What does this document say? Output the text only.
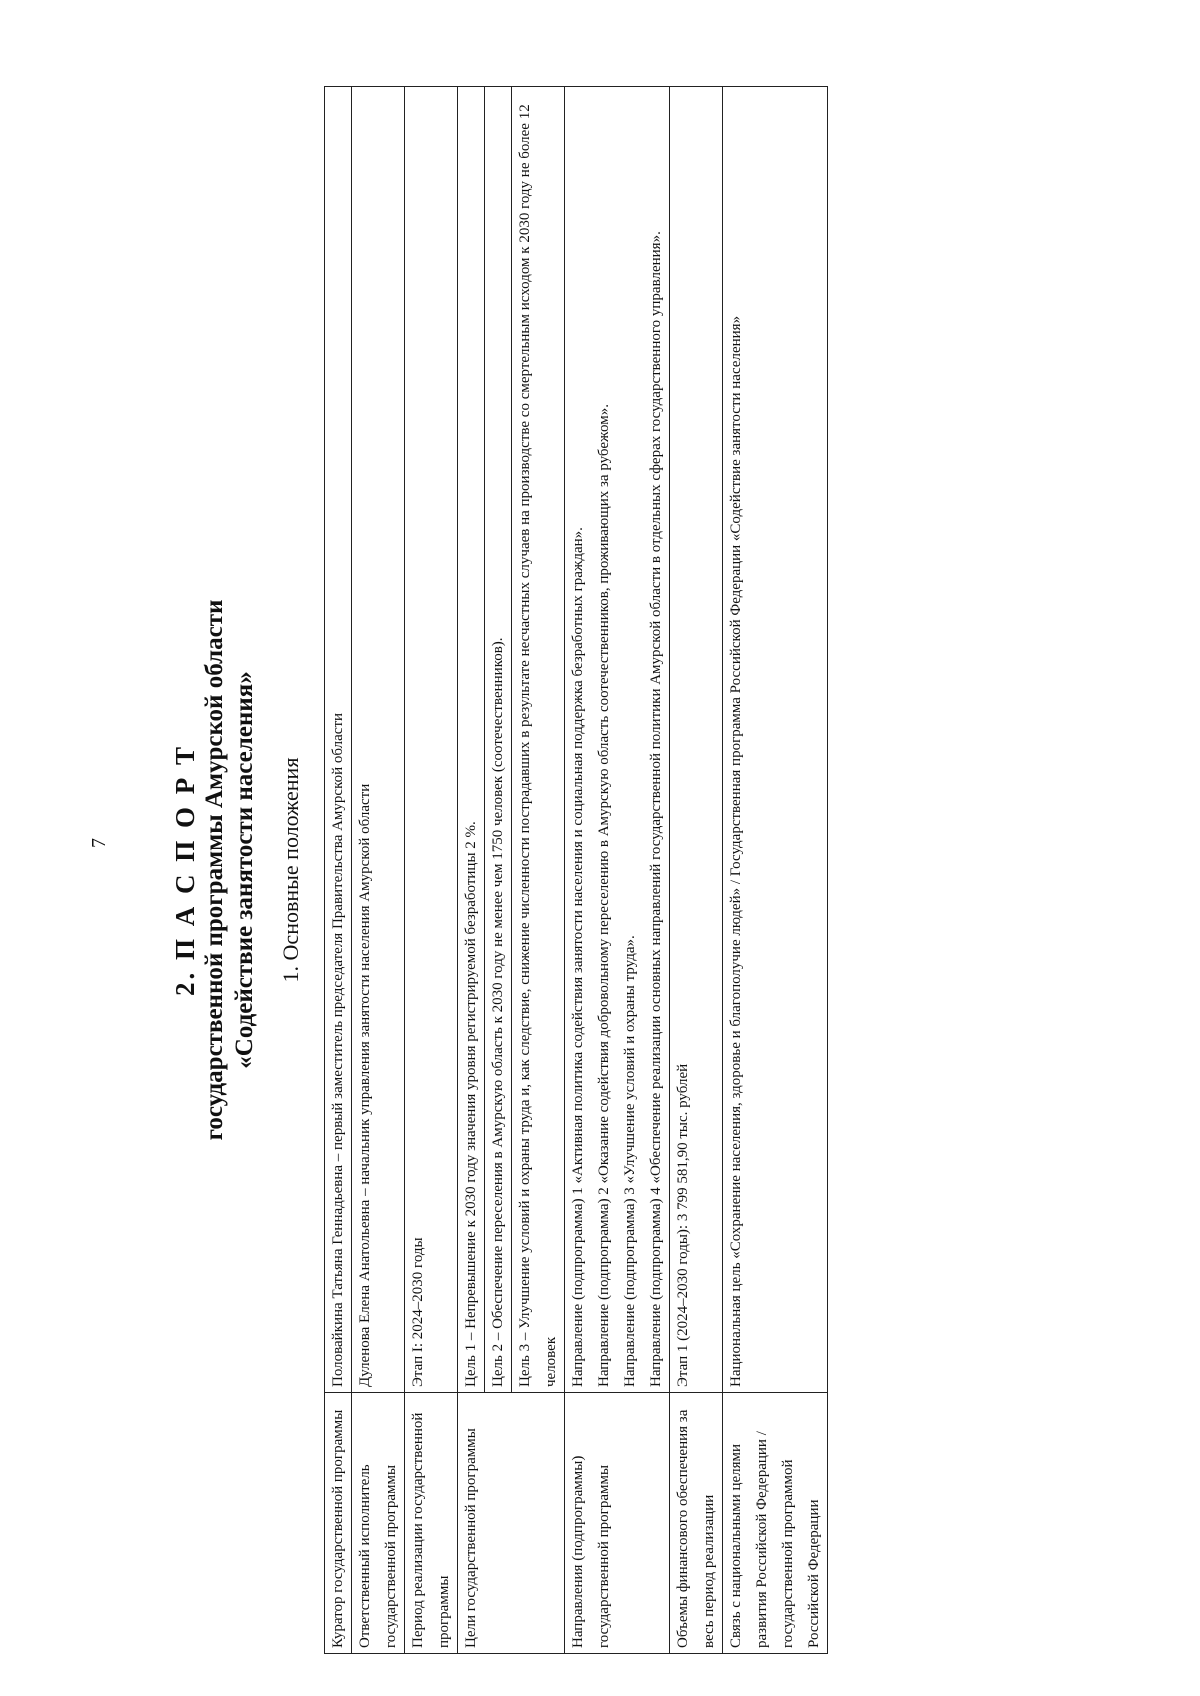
7 2. П А С П О Р Т государственной программы Амурской области «Содействие занятости населения» 1. Основные положения
Куратор государственной программы	Половайкина Татьяна Геннадьевна – первый заместитель председателя Правительства Амурской области
Ответственный исполнитель государственной программы	Дуленова Елена Анатольевна – начальник управления занятости населения Амурской области
Период реализации государственной программы	Этап I: 2024–2030 годы
Цели государственной программы	Цель 1 – Непревышение к 2030 году значения уровня регистрируемой безработицы 2 %.
	Цель 2 – Обеспечение переселения в Амурскую область к 2030 году не менее чем 1750 человек (соотечественников).
	Цель 3 – Улучшение условий и охраны труда и, как следствие, снижение численности пострадавших в результате несчастных случаев на производстве со смертельным исходом к 2030 году не более 12 человек
Направления (подпрограммы) государственной программы	Направление (подпрограмма) 1 «Активная политика содействия занятости населения и социальная поддержка безработных граждан». Направление (подпрограмма) 2 «Оказание содействия добровольному переселению в Амурскую область соотечественников, проживающих за рубежом». Направление (подпрограмма) 3 «Улучшение условий и охраны труда». Направление (подпрограмма) 4 «Обеспечение реализации основных направлений государственной политики Амурской области в отдельных сферах государственного управления».

Объемы финансового обеспечения за весь период реализации	Этап 1 (2024–2030 годы): 3 799 581,90 тыс. рублей
Связь с национальными целями развития Российской Федерации / государственной программой Российской Федерации	Национальная цель «Сохранение населения, здоровье и благополучие людей» / Государственная программа Российской Федерации «Содействие занятости населения»
